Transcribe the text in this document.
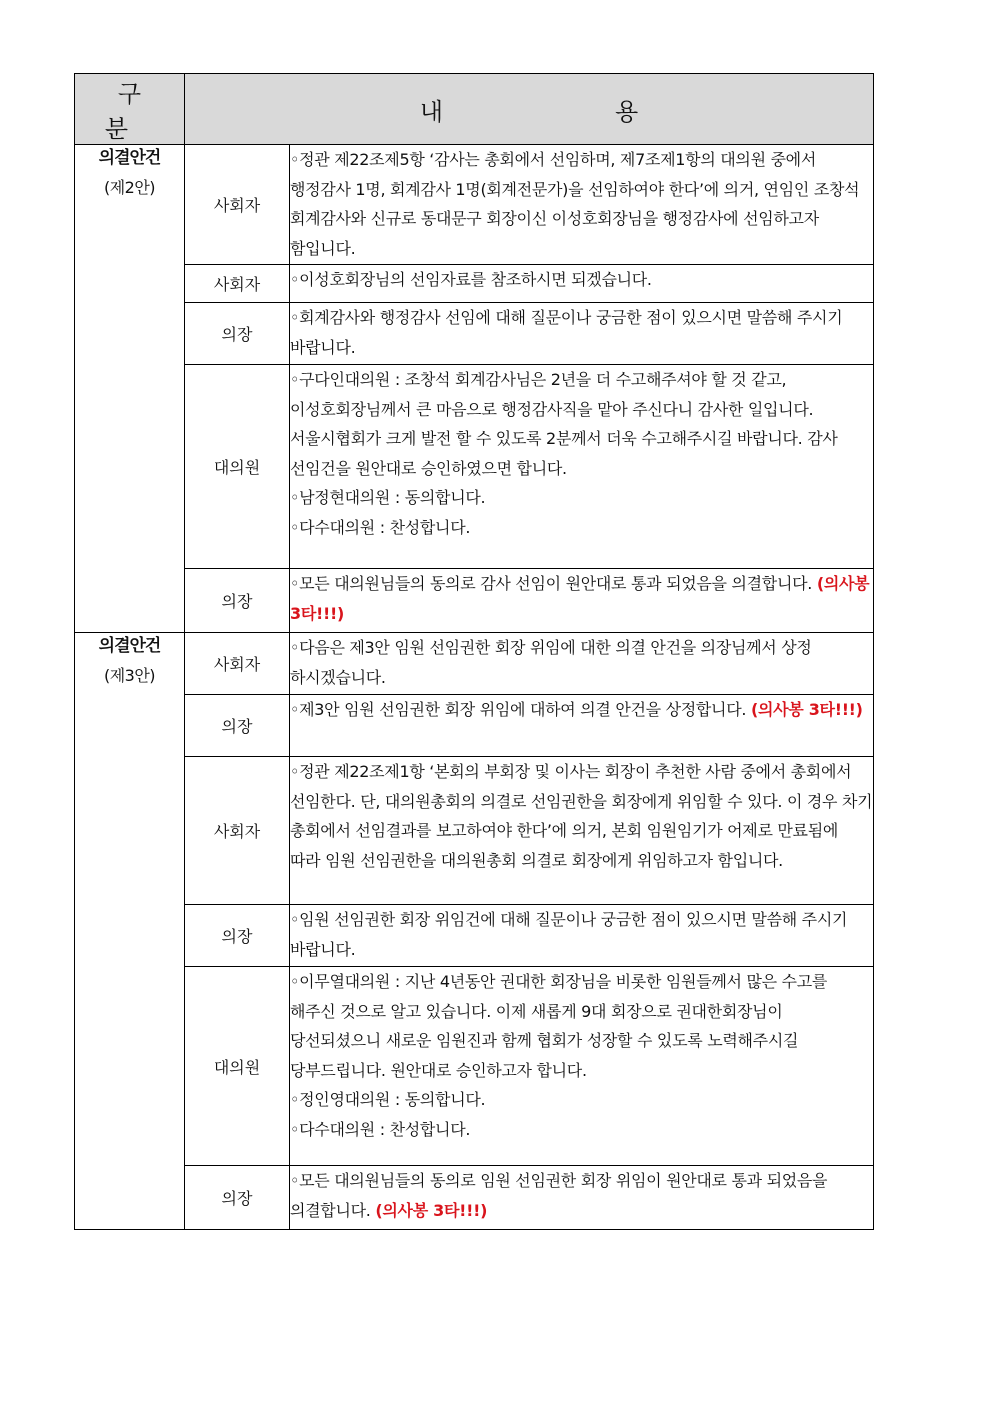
구 분	내 용	

의결안건
(제2안)	사회자	◦정관 제22조제5항 ‘감사는 총회에서 선임하며, 제7조제1항의 대의원 중에서 행정감사 1명, 회계감사 1명(회계전문가)을 선임하여야 한다’에 의거, 연임인 조창석 회계감사와 신규로 동대문구 회장이신 이성호회장님을 행정감사에 선임하고자 함입니다.

	사회자	◦이성호회장님의 선임자료를 참조하시면 되겠습니다.

	의장	◦회계감사와 행정감사 선임에 대해 질문이나 궁금한 점이 있으시면 말씀해 주시기 바랍니다.

	대의원	◦구다인대의원 : 조창석 회계감사님은 2년을 더 수고해주셔야 할 것 같고, 이성호회장님께서 큰 마음으로 행정감사직을 맡아 주신다니 감사한 일입니다. 서울시협회가 크게 발전 할 수 있도록 2분께서 더욱 수고해주시길 바랍니다. 감사 선임건을 원안대로 승인하였으면 합니다.

◦남정현대의원 : 동의합니다.

◦다수대의원 : 찬성합니다.

	의장	◦모든 대의원님들의 동의로 감사 선임이 원안대로 통과 되었음을 의결합니다. (의사봉 3타!!!)

의결안건
(제3안)	사회자	◦다음은 제3안 임원 선임권한 회장 위임에 대한 의결 안건을 의장님께서 상정 하시겠습니다.

	의장	◦제3안 임원 선임권한 회장 위임에 대하여 의결 안건을 상정합니다. (의사봉 3타!!!)

	사회자	◦정관 제22조제1항 ‘본회의 부회장 및 이사는 회장이 추천한 사람 중에서 총회에서 선임한다. 단, 대의원총회의 의결로 선임권한을 회장에게 위임할 수 있다. 이 경우 차기 총회에서 선임결과를 보고하여야 한다’에 의거, 본회 임원임기가 어제로 만료됨에 따라 임원 선임권한을 대의원총회 의결로 회장에게 위임하고자 함입니다.

	의장	◦임원 선임권한 회장 위임건에 대해 질문이나 궁금한 점이 있으시면 말씀해 주시기 바랍니다.

	대의원	◦이무열대의원 : 지난 4년동안 권대한 회장님을 비롯한 임원들께서 많은 수고를 해주신 것으로 알고 있습니다. 이제 새롭게 9대 회장으로 권대한회장님이 당선되셨으니 새로운 임원진과 함께 협회가 성장할 수 있도록 노력해주시길 당부드립니다. 원안대로 승인하고자 합니다.

◦정인영대의원 : 동의합니다.

◦다수대의원 : 찬성합니다.

	의장	◦모든 대의원님들의 동의로 임원 선임권한 회장 위임이 원안대로 통과 되었음을 의결합니다. (의사봉 3타!!!)
